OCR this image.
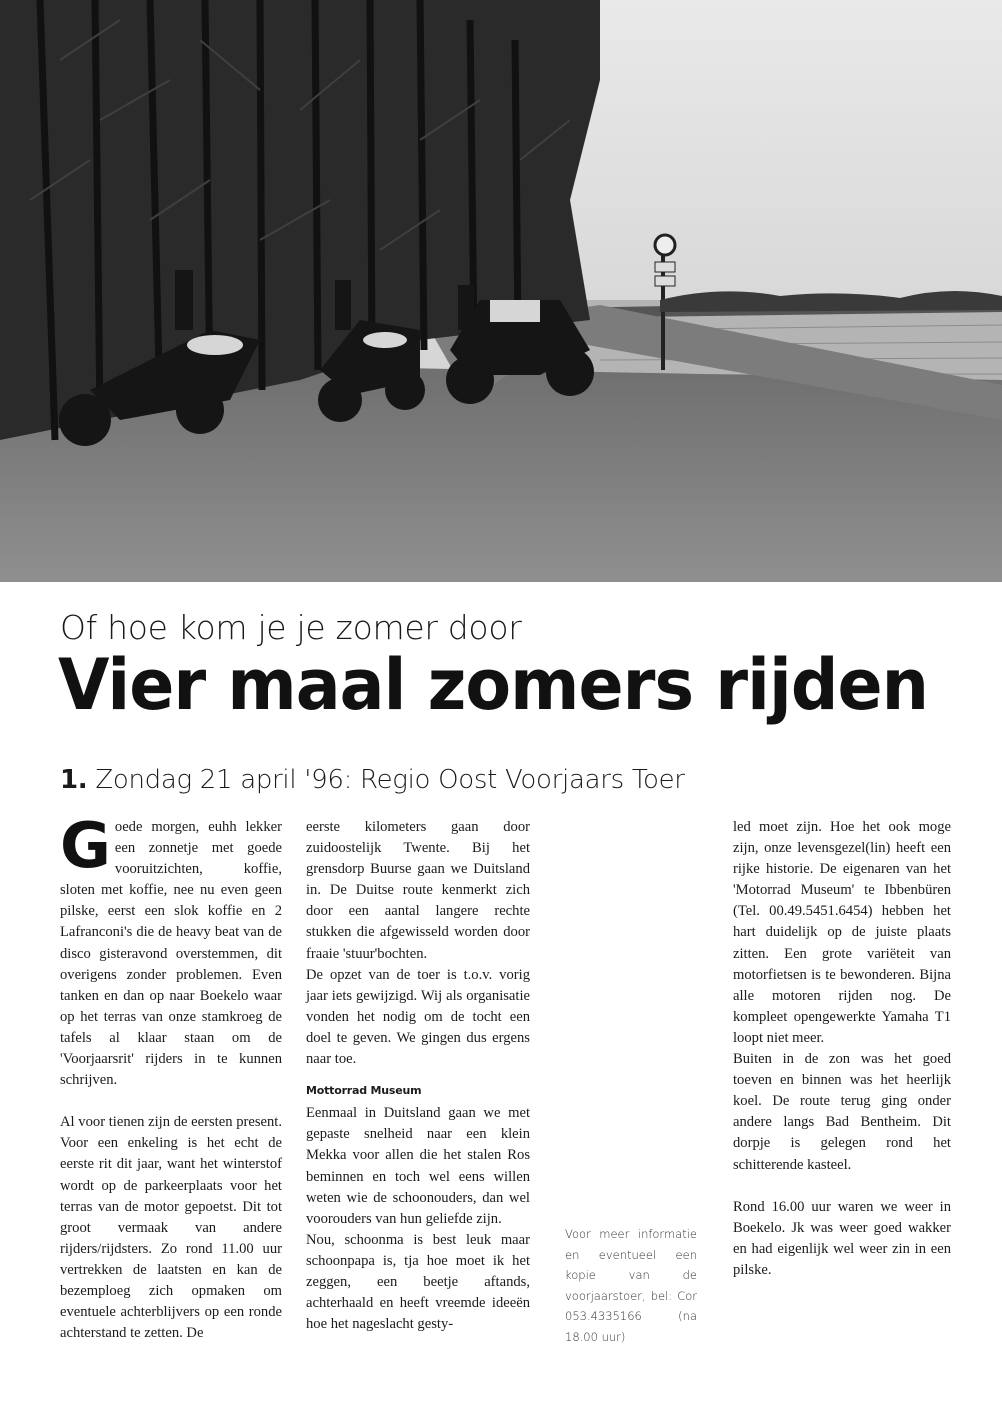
Of hoe kom je je zomer door
Vier maal zomers rijden
1. Zondag 21 april '96: Regio Oost Voorjaars Toer
G oede morgen, euhh lekker een zonnetje met goede vooruitzichten, koffie, sloten met koffie, nee nu even geen pilske, eerst een slok koffie en 2 Lafranconi's die de heavy beat van de disco gisteravond overstemmen, dit overigens zonder problemen. Even tanken en dan op naar Boekelo waar op het terras van onze stamkroeg de tafels al klaar staan om de 'Voorjaarsrit' rijders in te kunnen schrijven.

Al voor tienen zijn de eersten present. Voor een enkeling is het echt de eerste rit dit jaar, want het winterstof wordt op de parkeerplaats voor het terras van de motor gepoetst. Dit tot groot vermaak van andere rijders/rijdsters. Zo rond 11.00 uur vertrekken de laatsten en kan de bezemploeg zich opmaken om eventuele achterblijvers op een ronde achterstand te zetten. De

eerste kilometers gaan door zuidoostelijk Twente. Bij het grensdorp Buurse gaan we Duitsland in. De Duitse route kenmerkt zich door een aantal langere rechte stukken die afgewisseld worden door fraaie 'stuur'bochten.

De opzet van de toer is t.o.v. vorig jaar iets gewijzigd. Wij als organisatie vonden het nodig om de tocht een doel te geven. We gingen dus ergens naar toe.

Mottorrad Museum

Eenmaal in Duitsland gaan we met gepaste snelheid naar een klein Mekka voor allen die het stalen Ros beminnen en toch wel eens willen weten wie de schoonouders, dan wel voorouders van hun geliefde zijn.

Nou, schoonma is best leuk maar schoonpapa is, tja hoe moet ik het zeggen, een beetje aftands, achterhaald en heeft vreemde ideeën hoe het nageslacht gesty-

Voor meer informatie en eventueel een kopie van de voorjaarstoer, bel: Cor 053.4335166 (na 18.00 uur)

led moet zijn. Hoe het ook moge zijn, onze levensgezel(lin) heeft een rijke historie. De eigenaren van het 'Motorrad Museum' te Ibbenbüren (Tel. 00.49.5451.6454) hebben het hart duidelijk op de juiste plaats zitten. Een grote variëteit van motorfietsen is te bewonderen. Bijna alle motoren rijden nog. De kompleet opengewerkte Yamaha T1 loopt niet meer.

Buiten in de zon was het goed toeven en binnen was het heerlijk koel. De route terug ging onder andere langs Bad Bentheim. Dit dorpje is gelegen rond het schitterende kasteel.

Rond 16.00 uur waren we weer in Boekelo. Jk was weer goed wakker en had eigenlijk wel weer zin in een pilske.
